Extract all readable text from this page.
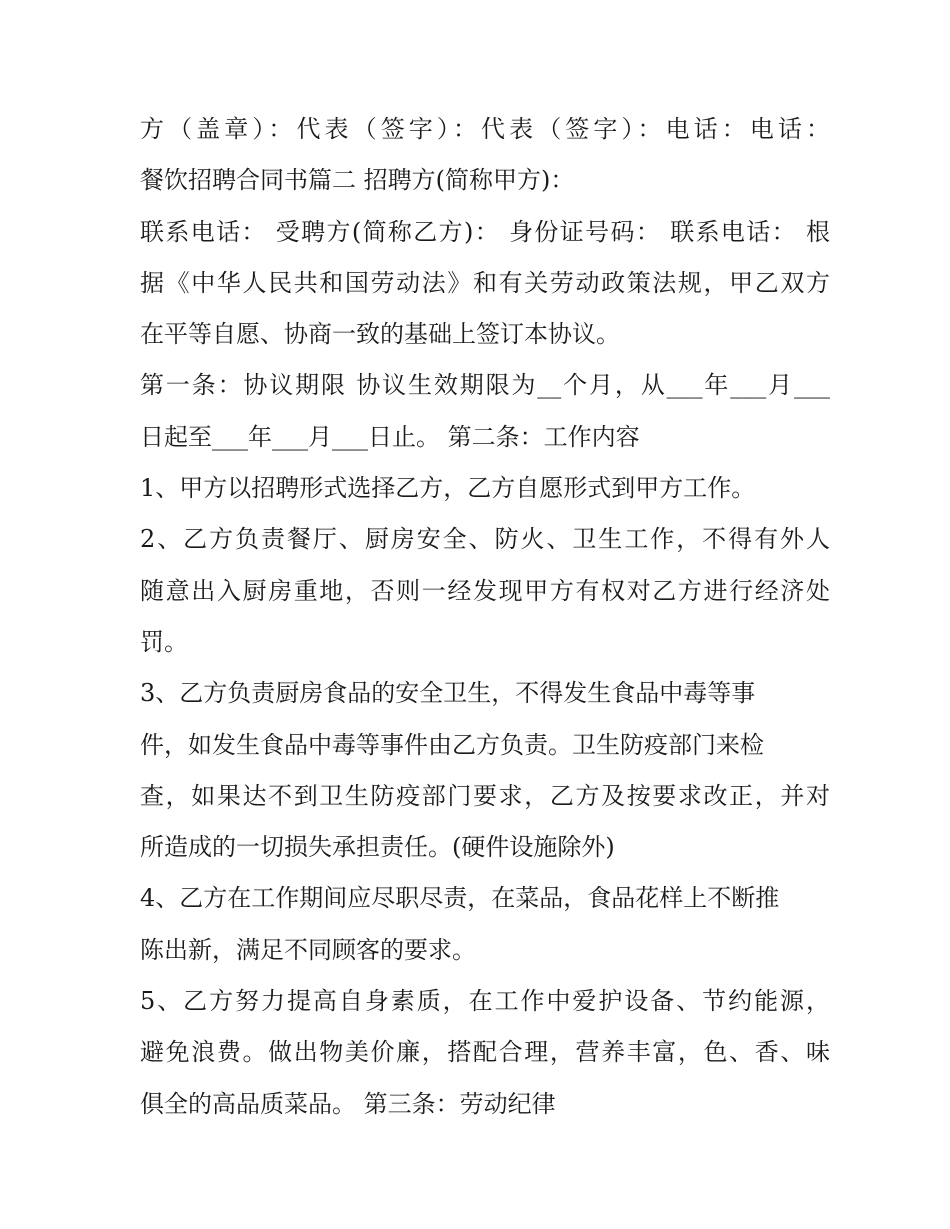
方（盖章）：代表（签字）：代表（签字）：电话：电话：
餐饮招聘合同书篇二 招聘方(简称甲方)：
联系电话： 受聘方(简称乙方)： 身份证号码： 联系电话： 根
据《中华人民共和国劳动法》和有关劳动政策法规，甲乙双方
在平等自愿、协商一致的基础上签订本协议。
第一条：协议期限 协议生效期限为__个月，从___年___月___
日起至___年___月___日止。 第二条：工作内容
1、甲方以招聘形式选择乙方，乙方自愿形式到甲方工作。
2、乙方负责餐厅、厨房安全、防火、卫生工作，不得有外人
随意出入厨房重地，否则一经发现甲方有权对乙方进行经济处
罚。
3、乙方负责厨房食品的安全卫生，不得发生食品中毒等事
件，如发生食品中毒等事件由乙方负责。卫生防疫部门来检
查，如果达不到卫生防疫部门要求，乙方及按要求改正，并对
所造成的一切损失承担责任。(硬件设施除外)
4、乙方在工作期间应尽职尽责，在菜品，食品花样上不断推
陈出新，满足不同顾客的要求。
5、乙方努力提高自身素质，在工作中爱护设备、节约能源，
避免浪费。做出物美价廉，搭配合理，营养丰富，色、香、味
俱全的高品质菜品。 第三条：劳动纪律
